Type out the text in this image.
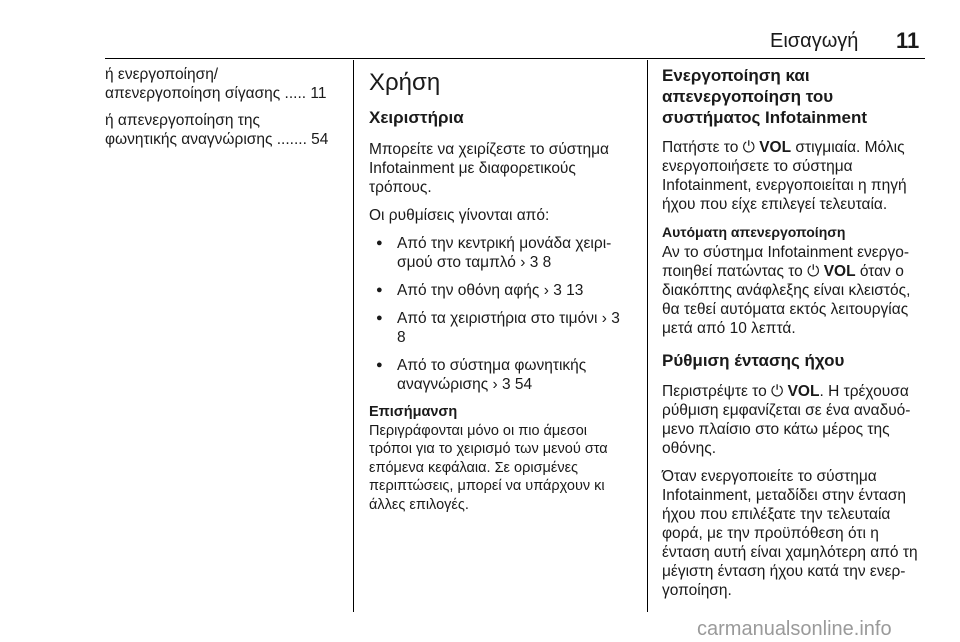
Εισαγωγή 11
ή ενεργοποίηση/
απενεργοποίηση σίγασης ..... 11
ή απενεργοποίηση της
φωνητικής αναγνώρισης ....... 54
Χρήση
Χειριστήρια

Μπορείτε να χειρίζεστε το σύστημα Infotainment με διαφορετικούς τρόπους.

Οι ρυθμίσεις γίνονται από:

● Από την κεντρική μονάδα χειρι-σμού στο ταμπλό › 3 8
● Από την οθόνη αφής › 3 13
● Από τα χειριστήρια στο τιμόνι › 3 8
● Από το σύστημα φωνητικής αναγνώρισης › 3 54
Επισήμανση
Περιγράφονται μόνο οι πιο άμεσοι τρόποι για το χειρισμό των μενού στα επόμενα κεφάλαια. Σε ορισμένες περιπτώσεις, μπορεί να υπάρχουν κι άλλες επιλογές.
Ενεργοποίηση και απενεργοποίηση του συστήματος Infotainment

Πατήστε το ⏻ VOL στιγμιαία. Μόλις ενεργοποιήσετε το σύστημα Infotainment, ενεργοποιείται η πηγή ήχου που είχε επιλεγεί τελευταία.

Αυτόματη απενεργοποίηση

Αν το σύστημα Infotainment ενεργο-ποιηθεί πατώντας το ⏻ VOL όταν ο διακόπτης ανάφλεξης είναι κλειστός, θα τεθεί αυτόματα εκτός λειτουργίας μετά από 10 λεπτά.

Ρύθμιση έντασης ήχου

Περιστρέψτε το ⏻ VOL. Η τρέχουσα ρύθμιση εμφανίζεται σε ένα αναδυό-μενο πλαίσιο στο κάτω μέρος της οθόνης.

Όταν ενεργοποιείτε το σύστημα Infotainment, μεταδίδει στην ένταση ήχου που επιλέξατε την τελευταία φορά, με την προϋπόθεση ότι η ένταση αυτή είναι χαμηλότερη από τη μέγιστη ένταση ήχου κατά την ενερ-γοποίηση.

carmanualsonline.info
